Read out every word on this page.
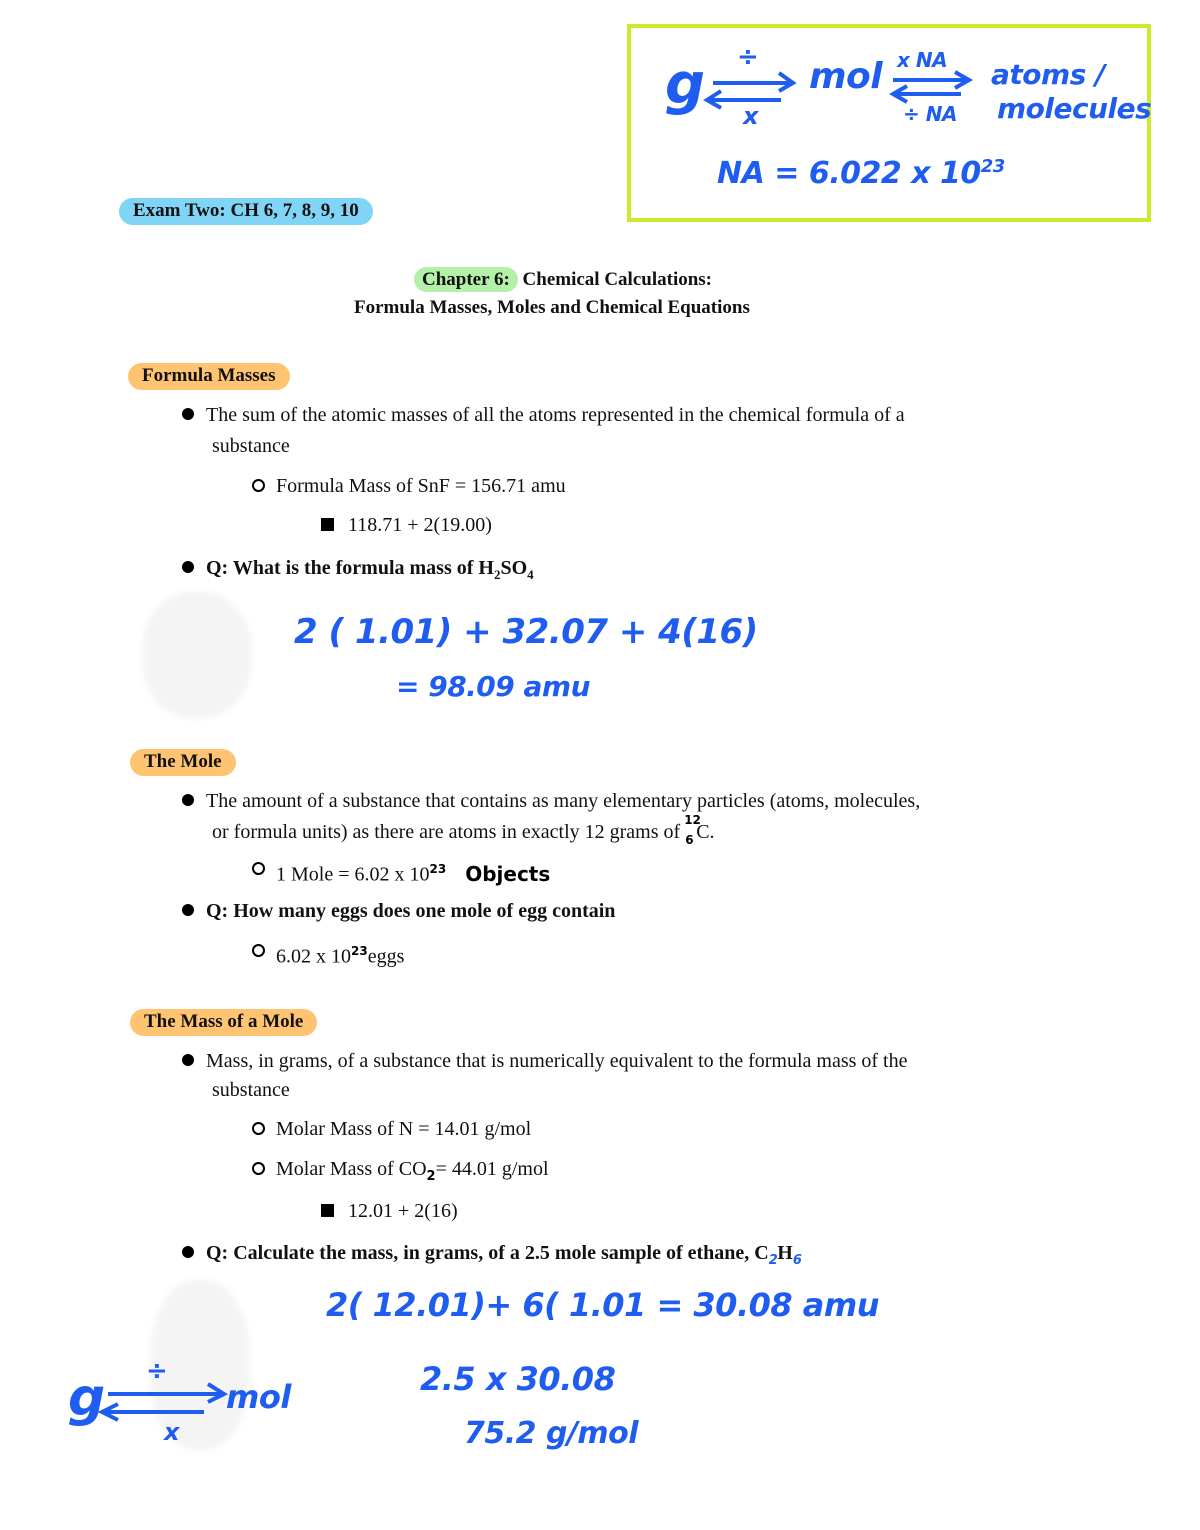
g ÷
x
mol x NA
÷ NA
atoms /
molecules
NA = 6.022 x $10^{23}$
Exam Two: CH 6, 7, 8, 9, 10
Chapter 6: Chemical Calculations:
Formula Masses, Moles and Chemical Equations
Formula Masses
The sum of the atomic masses of all the atoms represented in the chemical formula of a
substance
Formula Mass of SnF = 156.71 amu
118.71 + 2(19.00)
Q: What is the formula mass of $H_2SO_4$
2 ( 1.01) + 32.07 + 4(16)
= 98.09 amu
The Mole
The amount of a substance that contains as many elementary particles (atoms, molecules,
or formula units) as there are atoms in exactly 12 grams of
12
6 C.
1 Mole = 6.02 x $10^{23}$ Objects
Q: How many eggs does one mole of egg contain
6.02 x $10^{23}eggs$
The Mass of a Mole
Mass, in grams, of a substance that is numerically equivalent to the formula mass of the
substance
Molar Mass of N = 14.01 g/mol
Molar Mass of $CO_2= 44.01$ g/mol
12.01 + 2(16)
Q: Calculate the mass, in grams, of a 2.5 mole sample of ethane, $C_2H_6$
2( 12.01)+ 6( 1.01 = 30.08 amu
2.5 x 30.08
75.2 g/mol
g ÷
x
mol
